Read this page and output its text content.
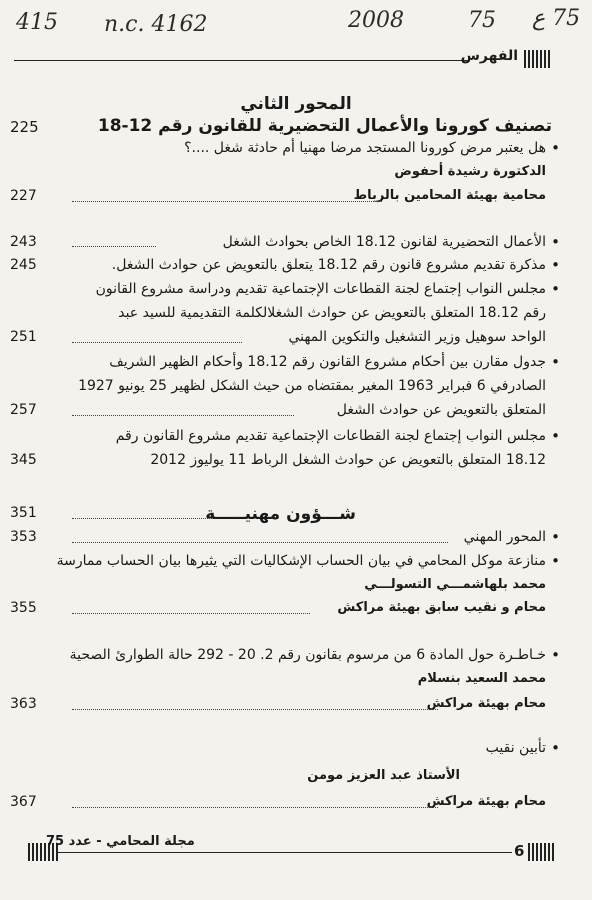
415 n.c. 4162	2008	75 75 ع
الفهرس
المحور الثاني
تصنيف كورونا والأعمال التحضيرية للقانون رقم 12-18
225
• هل يعتبر مرض كورونا المستجد مرضا مهنيا أم حادثة شغل ....؟
الدكتورة رشيدة أحفوض
محامية بهيئة المحامين بالرباط
227
• الأعمال التحضيرية لقانون 18.12 الخاص بحوادث الشغل
243
• مذكرة تقديم مشروع قانون رقم 18.12 يتعلق بالتعويض عن حوادث الشغل.
245
• مجلس النواب إجتماع لجنة القطاعات الإجتماعية تقديم ودراسة مشروع القانون
رقم 18.12 المتعلق بالتعويض عن حوادث الشغلالكلمة التقديمية للسيد عبد
الواحد سوهيل وزير التشغيل والتكوين المهني
251
• جدول مقارن بين أحكام مشروع القانون رقم 18.12 وأحكام الظهير الشريف
الصادرفي 6 فبراير 1963 المغير بمقتضاه من حيث الشكل لظهير 25 يونيو 1927
المتعلق بالتعويض عن حوادث الشغل
257
• مجلس النواب إجتماع لجنة القطاعات الإجتماعية تقديم مشروع القانون رقم
18.12 المتعلق بالتعويض عن حوادث الشغل الرباط 11 يوليوز 2012
345
شـــؤون مهنيـــــة
351
• المحور المهني
353
• منازعة موكل المحامي في بيان الحساب الإشكاليات التي يثيرها بيان الحساب ممارسة
محمد بلهاشمـــي التسولـــي
محام و نقيب سابق بهيئة مراكش
355
• خـاطـرة حول المادة 6 من مرسوم بقانون رقم 2. 20 - 292 حالة الطوارئ الصحية
محمد السعيد بنسلام
محام بهيئة مراكش
363
• تأبين نقيب
الأستاذ عبد العزيز مومن
محام بهيئة مراكش
367
مجلة المحامي - عدد 75
6
